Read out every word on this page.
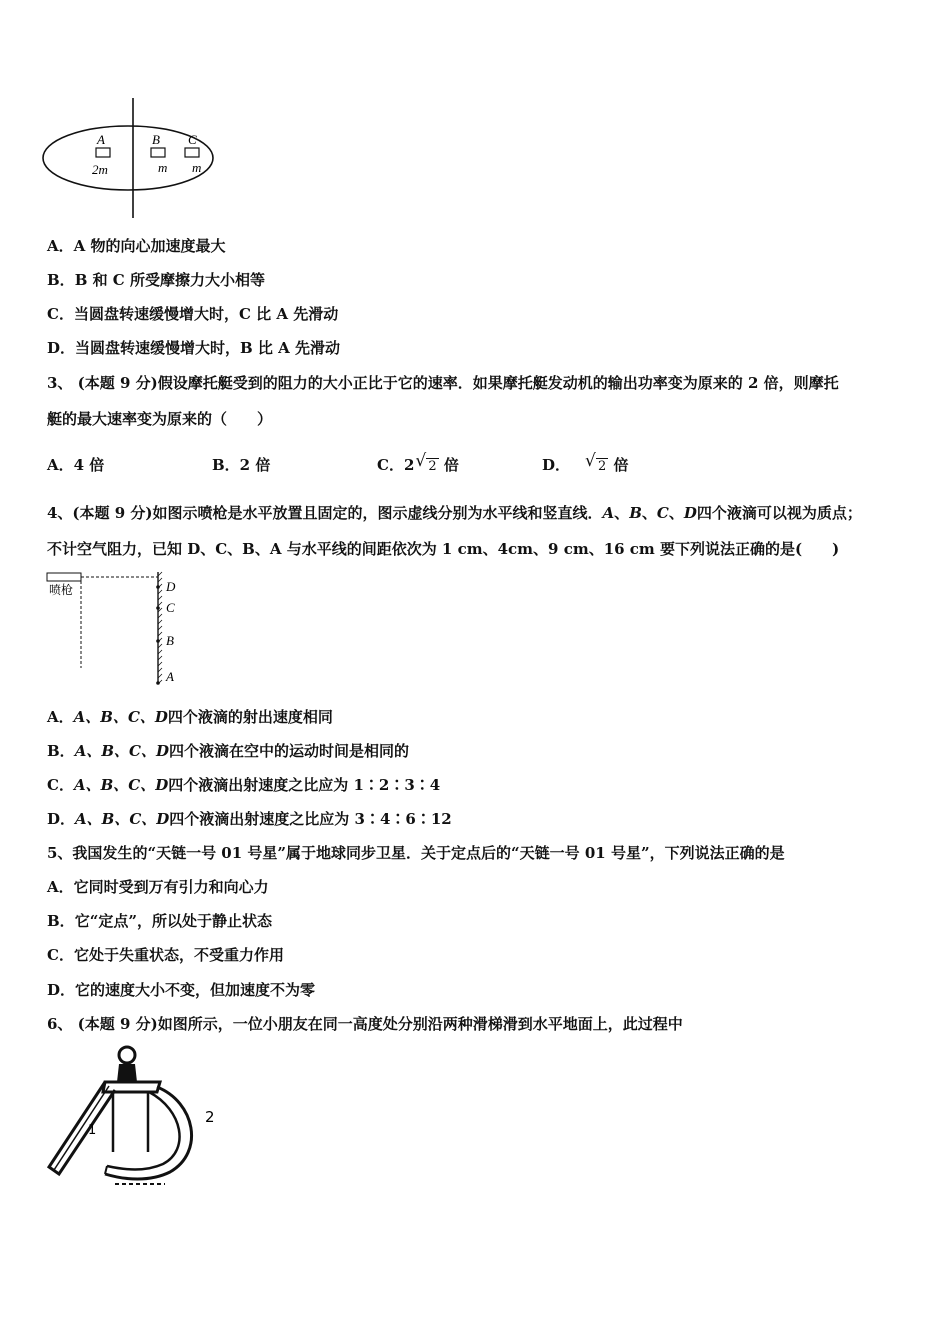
A	B C
2m	m m
A．A 物的向心加速度最大
B．B 和 C 所受摩擦力大小相等
C．当圆盘转速缓慢增大时，C 比 A 先滑动
D．当圆盘转速缓慢增大时，B 比 A 先滑动
3、 (本题 9 分)假设摩托艇受到的阻力的大小正比于它的速率．如果摩托艇发动机的输出功率变为原来的 2 倍，则摩托
艇的最大速率变为原来的（　　）
A．4 倍	B．2 倍	C．2 √ 2 倍	D． √ 2 倍
4、(本题 9 分)如图示喷枪是水平放置且固定的，图示虚线分别为水平线和竖直线．A、B、C、D四个液滴可以视为质点；
不计空气阻力，已知 D、C、B、A 与水平线的间距依次为 1 cm、4cm、9 cm、16 cm 要下列说法正确的是(　　)
喷枪	D
C
B
A
A．A、B、C、D四个液滴的射出速度相同
B．A、B、C、D四个液滴在空中的运动时间是相同的
C．A、B、C、D四个液滴出射速度之比应为 1∶2∶3∶4
D．A、B、C、D四个液滴出射速度之比应为 3∶4∶6∶12
5、我国发生的“天链一号 01 号星”属于地球同步卫星．关于定点后的“天链一号 01 号星”，下列说法正确的是
A．它同时受到万有引力和向心力
B．它“定点”，所以处于静止状态
C．它处于失重状态，不受重力作用
D．它的速度大小不变，但加速度不为零
6、 (本题 9 分)如图所示，一位小朋友在同一高度处分别沿两种滑梯滑到水平地面上，此过程中
1
2
